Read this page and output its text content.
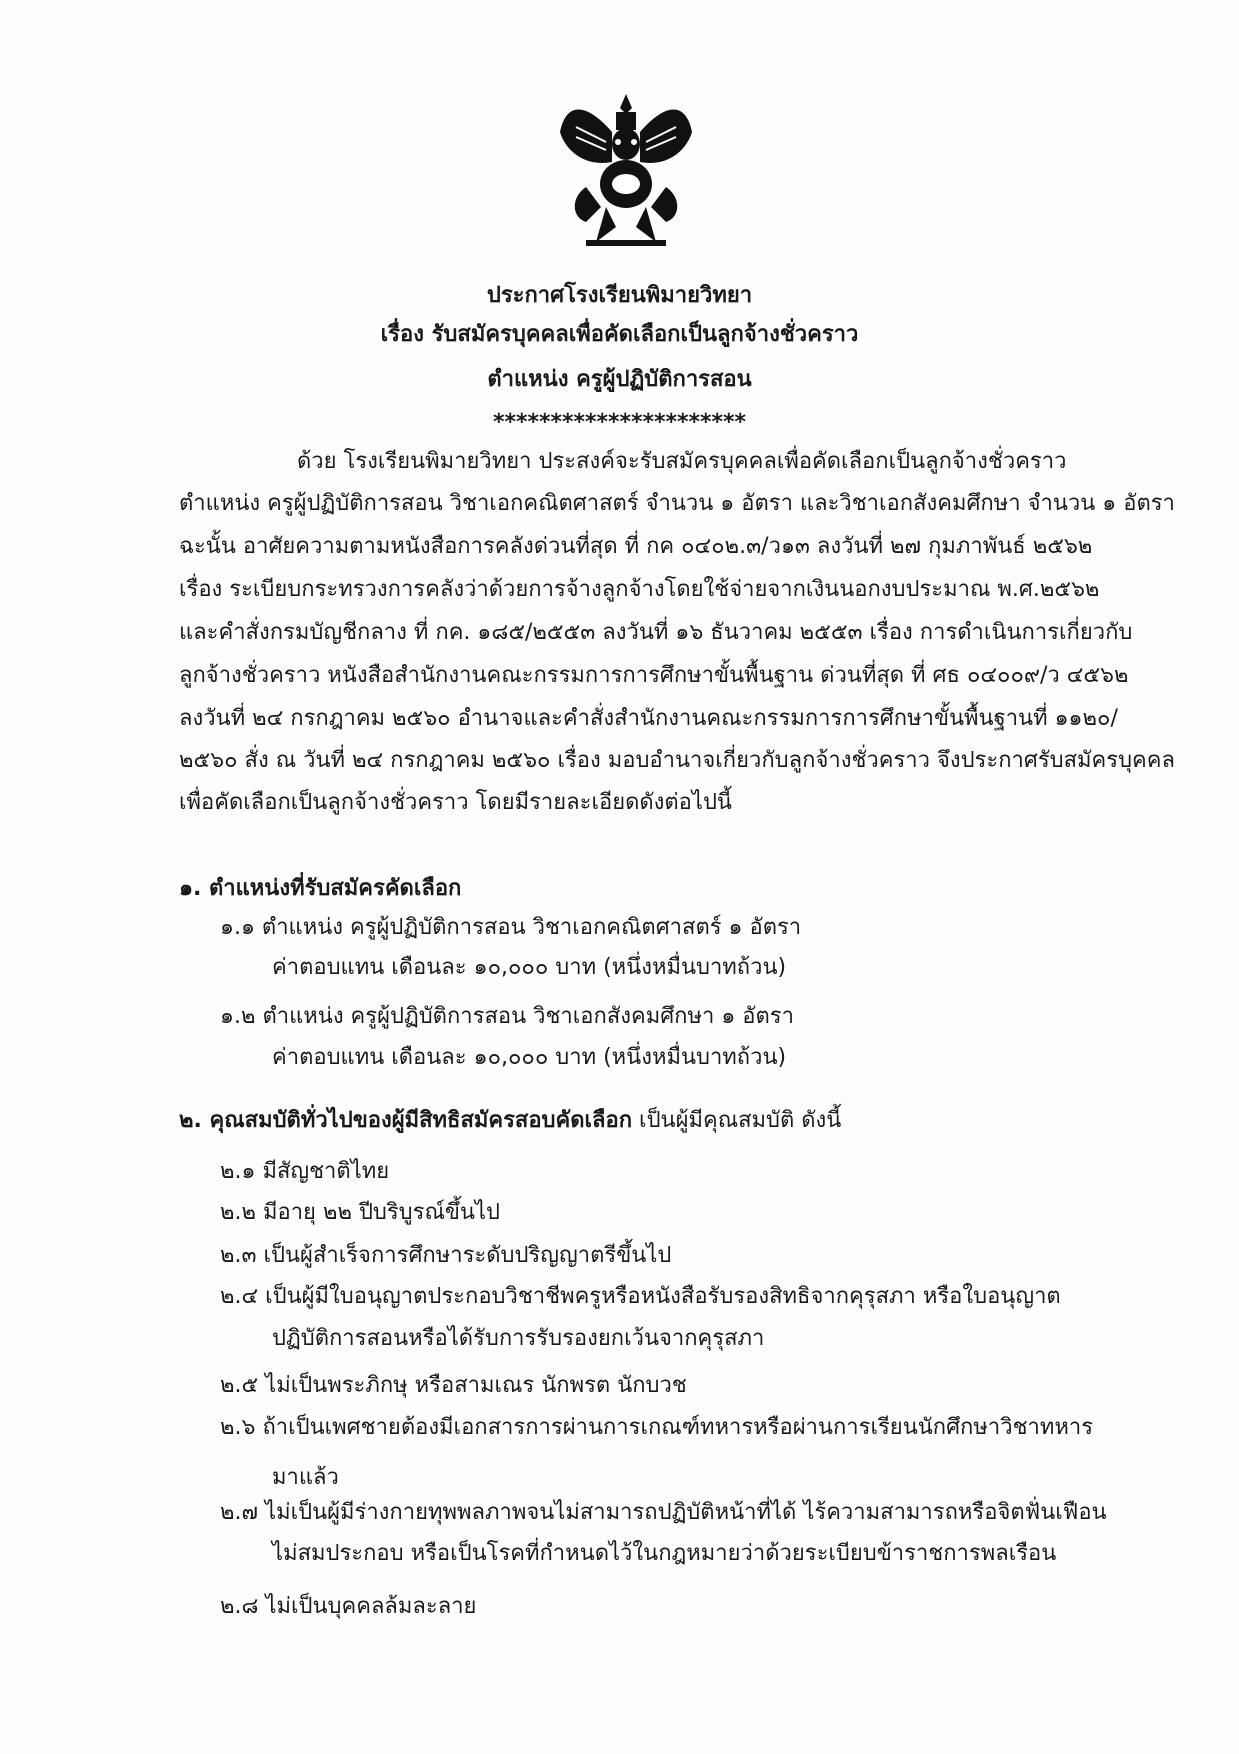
ประกาศโรงเรียนพิมายวิทยา
เรื่อง รับสมัครบุคคลเพื่อคัดเลือกเป็นลูกจ้างชั่วคราว
ตำแหน่ง ครูผู้ปฏิบัติการสอน
**********************
ด้วย โรงเรียนพิมายวิทยา ประสงค์จะรับสมัครบุคคลเพื่อคัดเลือกเป็นลูกจ้างชั่วคราว
ตำแหน่ง ครูผู้ปฏิบัติการสอน วิชาเอกคณิตศาสตร์ จำนวน ๑ อัตรา และวิชาเอกสังคมศึกษา จำนวน ๑ อัตรา
ฉะนั้น อาศัยความตามหนังสือการคลังด่วนที่สุด ที่ กค ๐๔๐๒.๓/ว๑๓ ลงวันที่ ๒๗ กุมภาพันธ์ ๒๕๖๒
เรื่อง ระเบียบกระทรวงการคลังว่าด้วยการจ้างลูกจ้างโดยใช้จ่ายจากเงินนอกงบประมาณ พ.ศ.๒๕๖๒
และคำสั่งกรมบัญชีกลาง ที่ กค. ๑๘๕/๒๕๕๓ ลงวันที่ ๑๖ ธันวาคม ๒๕๕๓ เรื่อง การดำเนินการเกี่ยวกับ
ลูกจ้างชั่วคราว หนังสือสำนักงานคณะกรรมการการศึกษาขั้นพื้นฐาน ด่วนที่สุด ที่ ศธ ๐๔๐๐๙/ว ๔๕๖๒
ลงวันที่ ๒๔ กรกฎาคม ๒๕๖๐ อำนาจและคำสั่งสำนักงานคณะกรรมการการศึกษาขั้นพื้นฐานที่ ๑๑๒๐/
๒๕๖๐ สั่ง ณ วันที่ ๒๔ กรกฎาคม ๒๕๖๐ เรื่อง มอบอำนาจเกี่ยวกับลูกจ้างชั่วคราว จึงประกาศรับสมัครบุคคล
เพื่อคัดเลือกเป็นลูกจ้างชั่วคราว โดยมีรายละเอียดดังต่อไปนี้
๑. ตำแหน่งที่รับสมัครคัดเลือก
๑.๑ ตำแหน่ง ครูผู้ปฏิบัติการสอน วิชาเอกคณิตศาสตร์ ๑ อัตรา
ค่าตอบแทน เดือนละ ๑๐,๐๐๐ บาท (หนึ่งหมื่นบาทถ้วน)
๑.๒ ตำแหน่ง ครูผู้ปฏิบัติการสอน วิชาเอกสังคมศึกษา ๑ อัตรา
ค่าตอบแทน เดือนละ ๑๐,๐๐๐ บาท (หนึ่งหมื่นบาทถ้วน)
๒. คุณสมบัติทั่วไปของผู้มีสิทธิสมัครสอบคัดเลือก เป็นผู้มีคุณสมบัติ ดังนี้
๒.๑ มีสัญชาติไทย
๒.๒ มีอายุ ๒๒ ปีบริบูรณ์ขึ้นไป
๒.๓ เป็นผู้สำเร็จการศึกษาระดับปริญญาตรีขึ้นไป
๒.๔ เป็นผู้มีใบอนุญาตประกอบวิชาชีพครูหรือหนังสือรับรองสิทธิจากคุรุสภา หรือใบอนุญาต
ปฏิบัติการสอนหรือได้รับการรับรองยกเว้นจากคุรุสภา
๒.๕ ไม่เป็นพระภิกษุ หรือสามเณร นักพรต นักบวช
๒.๖ ถ้าเป็นเพศชายต้องมีเอกสารการผ่านการเกณฑ์ทหารหรือผ่านการเรียนนักศึกษาวิชาทหาร
มาแล้ว
๒.๗ ไม่เป็นผู้มีร่างกายทุพพลภาพจนไม่สามารถปฏิบัติหน้าที่ได้ ไร้ความสามารถหรือจิตฟั่นเฟือน
ไม่สมประกอบ หรือเป็นโรคที่กำหนดไว้ในกฎหมายว่าด้วยระเบียบข้าราชการพลเรือน
๒.๘ ไม่เป็นบุคคลล้มละลาย
